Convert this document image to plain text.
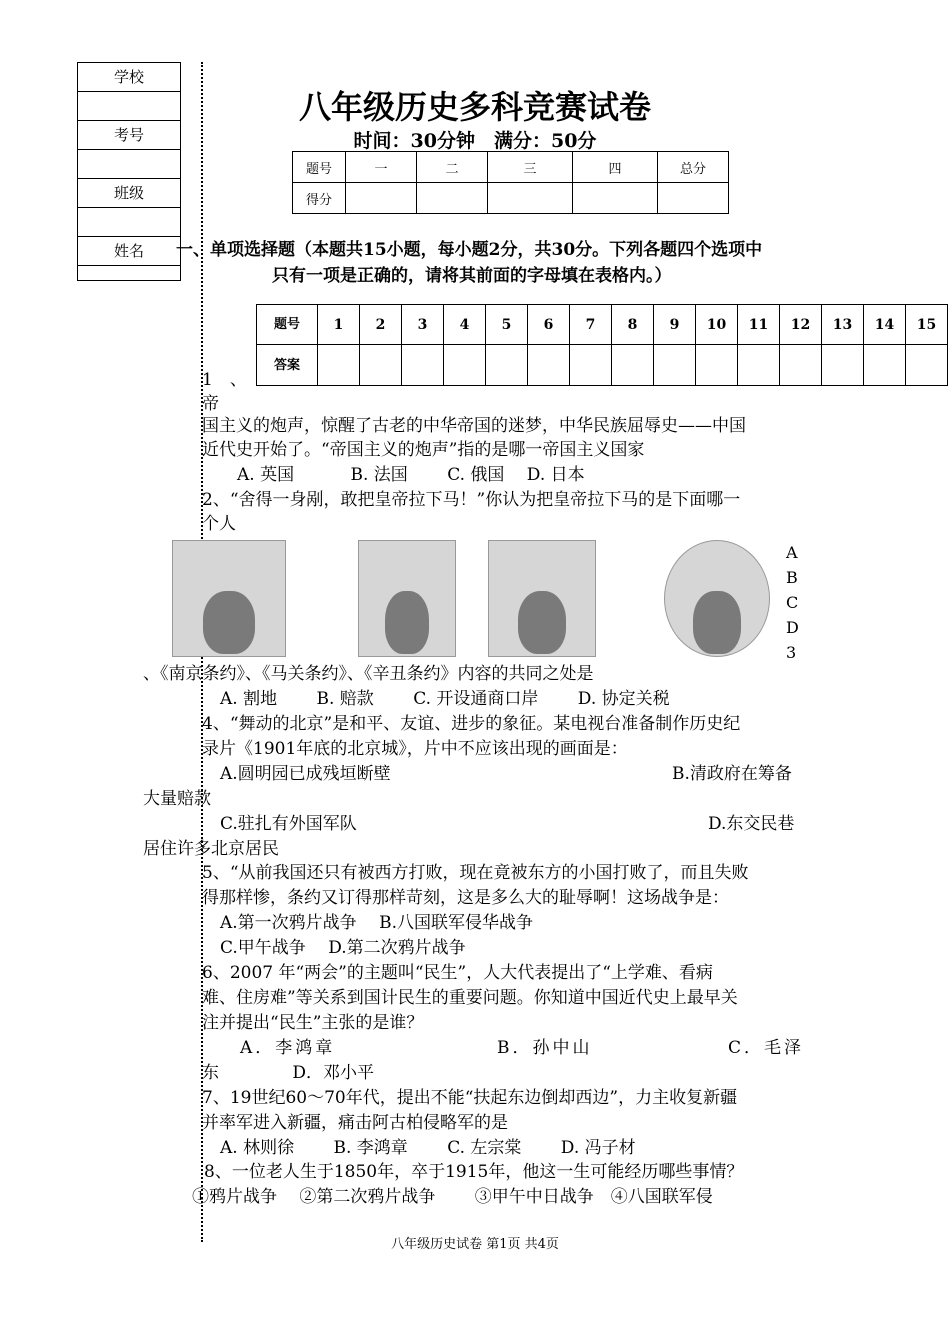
学校
考号
班级
姓名
八年级历史多科竞赛试卷
时间：30分钟　满分：50分
题号	一	二	三	四	总分
得分					
一、单项选择题（本题共15小题，每小题2分，共30分。下列各题四个选项中
只有一项是正确的，请将其前面的字母填在表格内。）
题号	1	2	3	4	5	6	7	8	9	10	11	12	13	14	15
答案															
1　、
帝
国主义的炮声，惊醒了古老的中华帝国的迷梦，中华民族屈辱史——中国
近代史开始了。“帝国主义的炮声”指的是哪一帝国主义国家
　A. 英国　　　 B. 法国　　 C. 俄国　 D. 日本
2、“舍得一身剐，敢把皇帝拉下马！”你认为把皇帝拉下马的是下面哪一
个人
A
B
C
D
3
、《南京条约》、《马关条约》、《辛丑条约》内容的共同之处是
A. 割地　　 B. 赔款　　 C. 开设通商口岸　　 D. 协定关税
4、“舞动的北京”是和平、友谊、进步的象征。某电视台准备制作历史纪
录片《1901年底的北京城》，片中不应该出现的画面是：
A.圆明园已成残垣断壁	B.清政府在筹备
大量赔款
C.驻扎有外国军队	D.东交民巷
居住许多北京居民
5、“从前我国还只有被西方打败，现在竟被东方的小国打败了，而且失败
得那样惨，条约又订得那样苛刻，这是多么大的耻辱啊！这场战争是：
A.第一次鸦片战争　 B.八国联军侵华战争
C.甲午战争　 D.第二次鸦片战争
6、2007 年“两会”的主题叫“民生”，人大代表提出了“上学难、看病
难、住房难”等关系到国计民生的重要问题。你知道中国近代史上最早关
注并提出“民生”主张的是谁？
A．李鸿章	B．孙中山	C．毛泽
东　　　　 D．邓小平
7、19世纪60～70年代，提出不能“扶起东边倒却西边”，力主收复新疆
并率军进入新疆，痛击阿古柏侵略军的是
A. 林则徐　　 B. 李鸿章　　 C. 左宗棠　　 D. 冯子材
8、一位老人生于1850年，卒于1915年，他这一生可能经历哪些事情？
①鸦片战争　 ②第二次鸦片战争　　 ③甲午中日战争　④八国联军侵
八年级历史试卷 第1页 共4页
